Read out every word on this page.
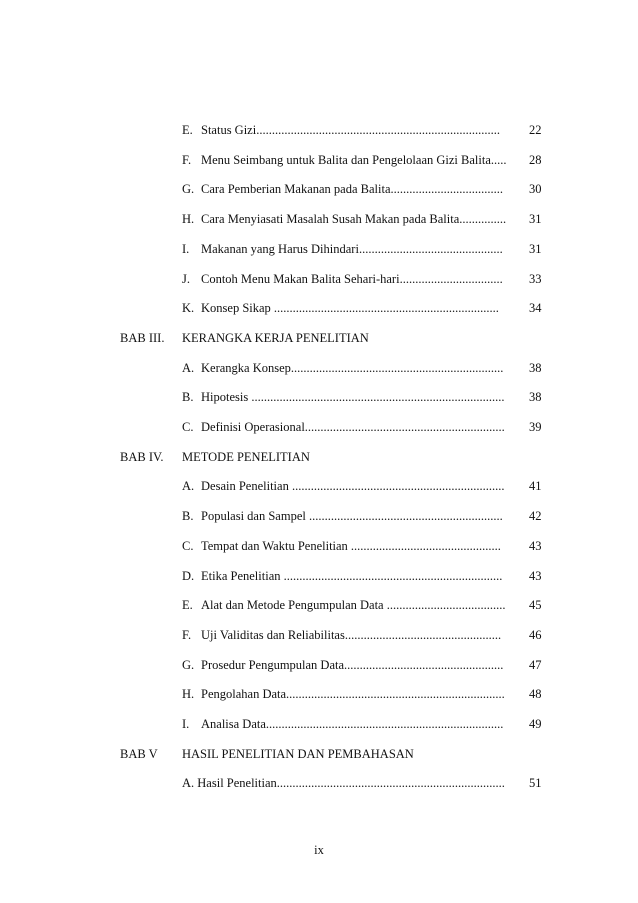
E. Status Gizi..............................................................................	22
F. Menu Seimbang untuk Balita dan Pengelolaan Gizi Balita.....	28
G. Cara Pemberian Makanan pada Balita....................................	30
H. Cara Menyiasati Masalah Susah Makan pada Balita...............	31
I. Makanan yang Harus Dihindari..............................................	31
J. Contoh Menu Makan Balita Sehari-hari.................................	33
K. Konsep Sikap ........................................................................	34
BAB III. KERANGKA KERJA PENELITIAN
A. Kerangka Konsep....................................................................	38
B. Hipotesis .................................................................................	38
C. Definisi Operasional................................................................	39
BAB IV. METODE PENELITIAN
A. Desain Penelitian ....................................................................	41
B. Populasi dan Sampel ..............................................................	42
C. Tempat dan Waktu Penelitian ................................................	43
D. Etika Penelitian ......................................................................	43
E. Alat dan Metode Pengumpulan Data ......................................	45
F. Uji Validitas dan Reliabilitas..................................................	46
G. Prosedur Pengumpulan Data...................................................	47
H. Pengolahan Data......................................................................	48
I. Analisa Data............................................................................	49
BAB V HASIL PENELITIAN DAN PEMBAHASAN
A. Hasil Penelitian.........................................................................	51
ix
